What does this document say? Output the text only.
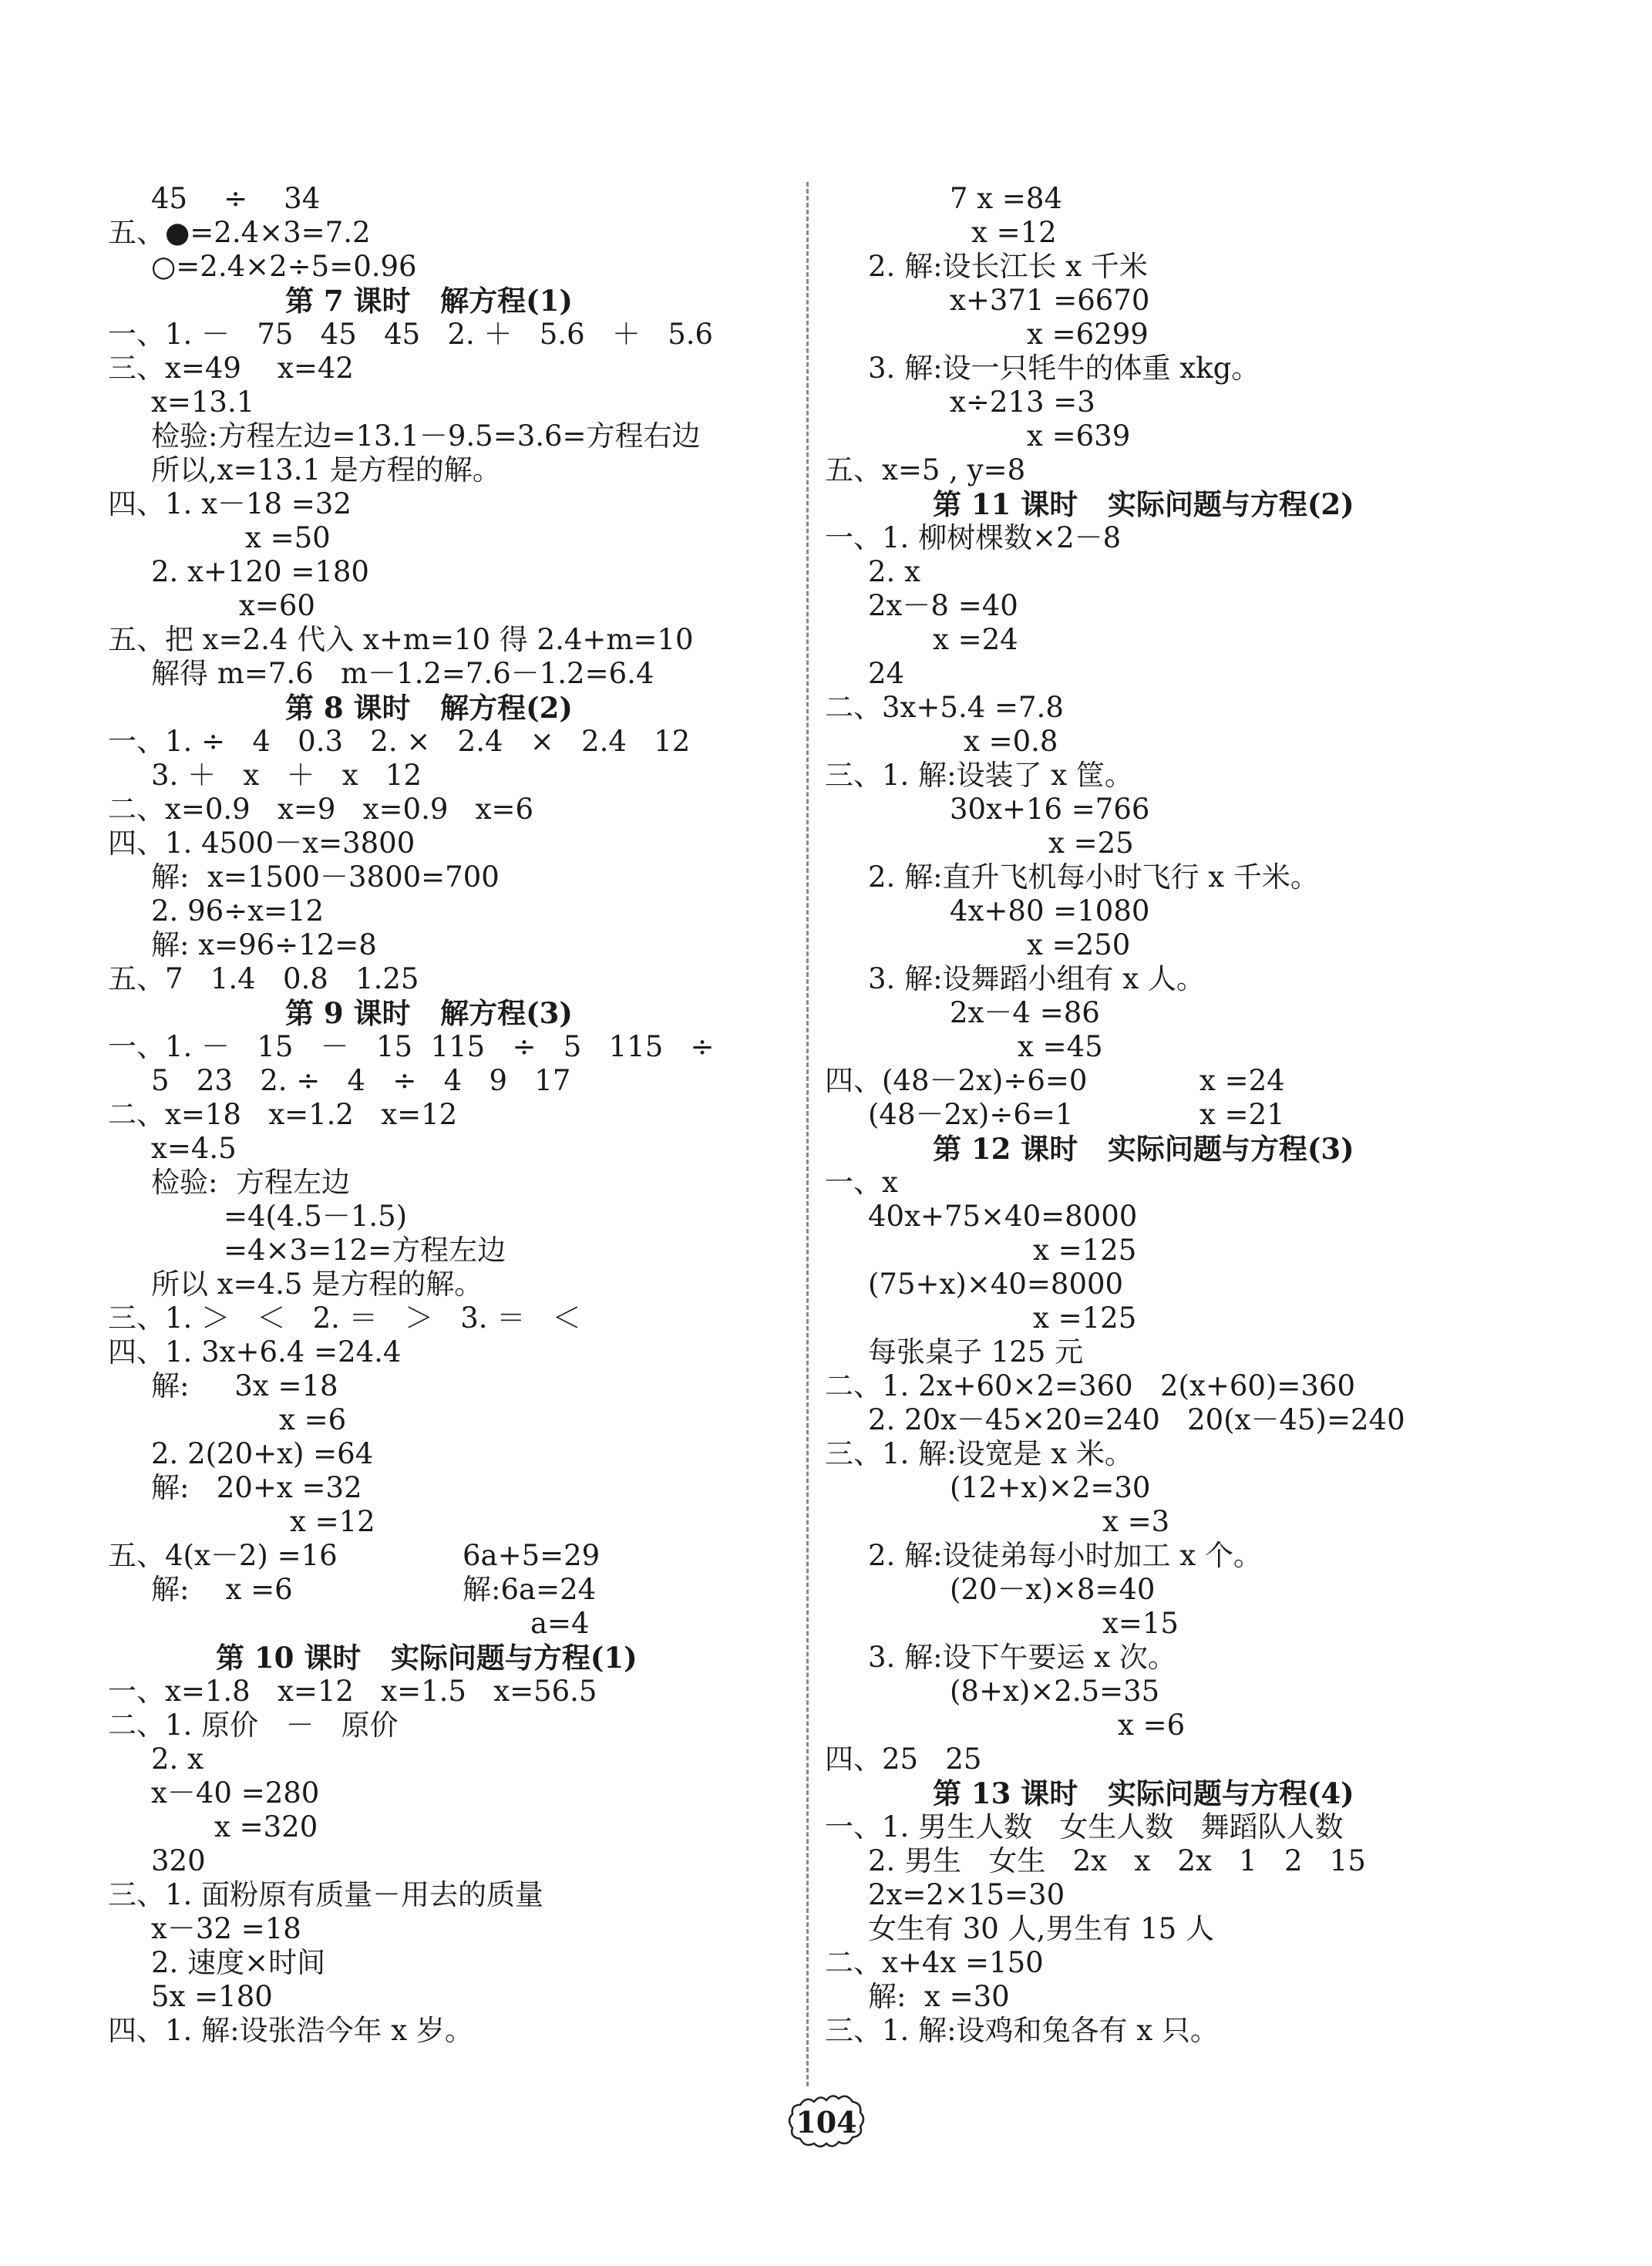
45    ÷    34
五、●=2.4×3=7.2
○=2.4×2÷5=0.96
第 7 课时   解方程(1)
一、1. －   75   45   45   2. ＋   5.6   ＋   5.6
三、x=49    x=42
x=13.1
检验:方程左边=13.1－9.5=3.6=方程右边
所以,x=13.1 是方程的解。
四、1. x－18 =32
x =50
2. x+120 =180
x=60
五、把 x=2.4 代入 x+m=10 得 2.4+m=10
解得 m=7.6   m－1.2=7.6－1.2=6.4
第 8 课时   解方程(2)
一、1. ÷   4   0.3   2. ×   2.4   ×   2.4   12
3. ＋   x   ＋   x   12
二、x=0.9   x=9   x=0.9   x=6
四、1. 4500－x=3800
解:  x=1500－3800=700
2. 96÷x=12
解: x=96÷12=8
五、7   1.4   0.8   1.25
第 9 课时   解方程(3)
一、1. －   15   －   15  115   ÷   5   115   ÷
5   23   2. ÷   4   ÷   4   9   17
二、x=18   x=1.2   x=12
x=4.5
检验:  方程左边
=4(4.5－1.5)
=4×3=12=方程左边
所以 x=4.5 是方程的解。
三、1. ＞   ＜   2. ＝   ＞   3. ＝   ＜
四、1. 3x+6.4 =24.4
解:     3x =18
x =6
2. 2(20+x) =64
解:   20+x =32
x =12
五、4(x－2) =16	6a+5=29
解:    x =6	解:6a=24
a=4
第 10 课时   实际问题与方程(1)
一、x=1.8   x=12   x=1.5   x=56.5
二、1. 原价   －   原价
2. x
x－40 =280
x =320
320
三、1. 面粉原有质量－用去的质量
x－32 =18
2. 速度×时间
5x =180
四、1. 解:设张浩今年 x 岁。
7 x =84
x =12
2. 解:设长江长 x 千米
x+371 =6670
x =6299
3. 解:设一只牦牛的体重 xkg。
x÷213 =3
x =639
五、x=5 , y=8
第 11 课时   实际问题与方程(2)
一、1. 柳树棵数×2－8
2. x
2x－8 =40
x =24
24
二、3x+5.4 =7.8
x =0.8
三、1. 解:设装了 x 筐。
30x+16 =766
x =25
2. 解:直升飞机每小时飞行 x 千米。
4x+80 =1080
x =250
3. 解:设舞蹈小组有 x 人。
2x－4 =86
x =45
四、(48－2x)÷6=0	x =24
(48－2x)÷6=1	x =21
第 12 课时   实际问题与方程(3)
一、x
40x+75×40=8000
x =125
(75+x)×40=8000
x =125
每张桌子 125 元
二、1. 2x+60×2=360   2(x+60)=360
2. 20x－45×20=240   20(x－45)=240
三、1. 解:设宽是 x 米。
(12+x)×2=30
x =3
2. 解:设徒弟每小时加工 x 个。
(20－x)×8=40
x=15
3. 解:设下午要运 x 次。
(8+x)×2.5=35
x =6
四、25   25
第 13 课时   实际问题与方程(4)
一、1. 男生人数   女生人数   舞蹈队人数
2. 男生   女生   2x   x   2x   1   2   15
2x=2×15=30
女生有 30 人,男生有 15 人
二、x+4x =150
解:  x =30
三、1. 解:设鸡和兔各有 x 只。
104
